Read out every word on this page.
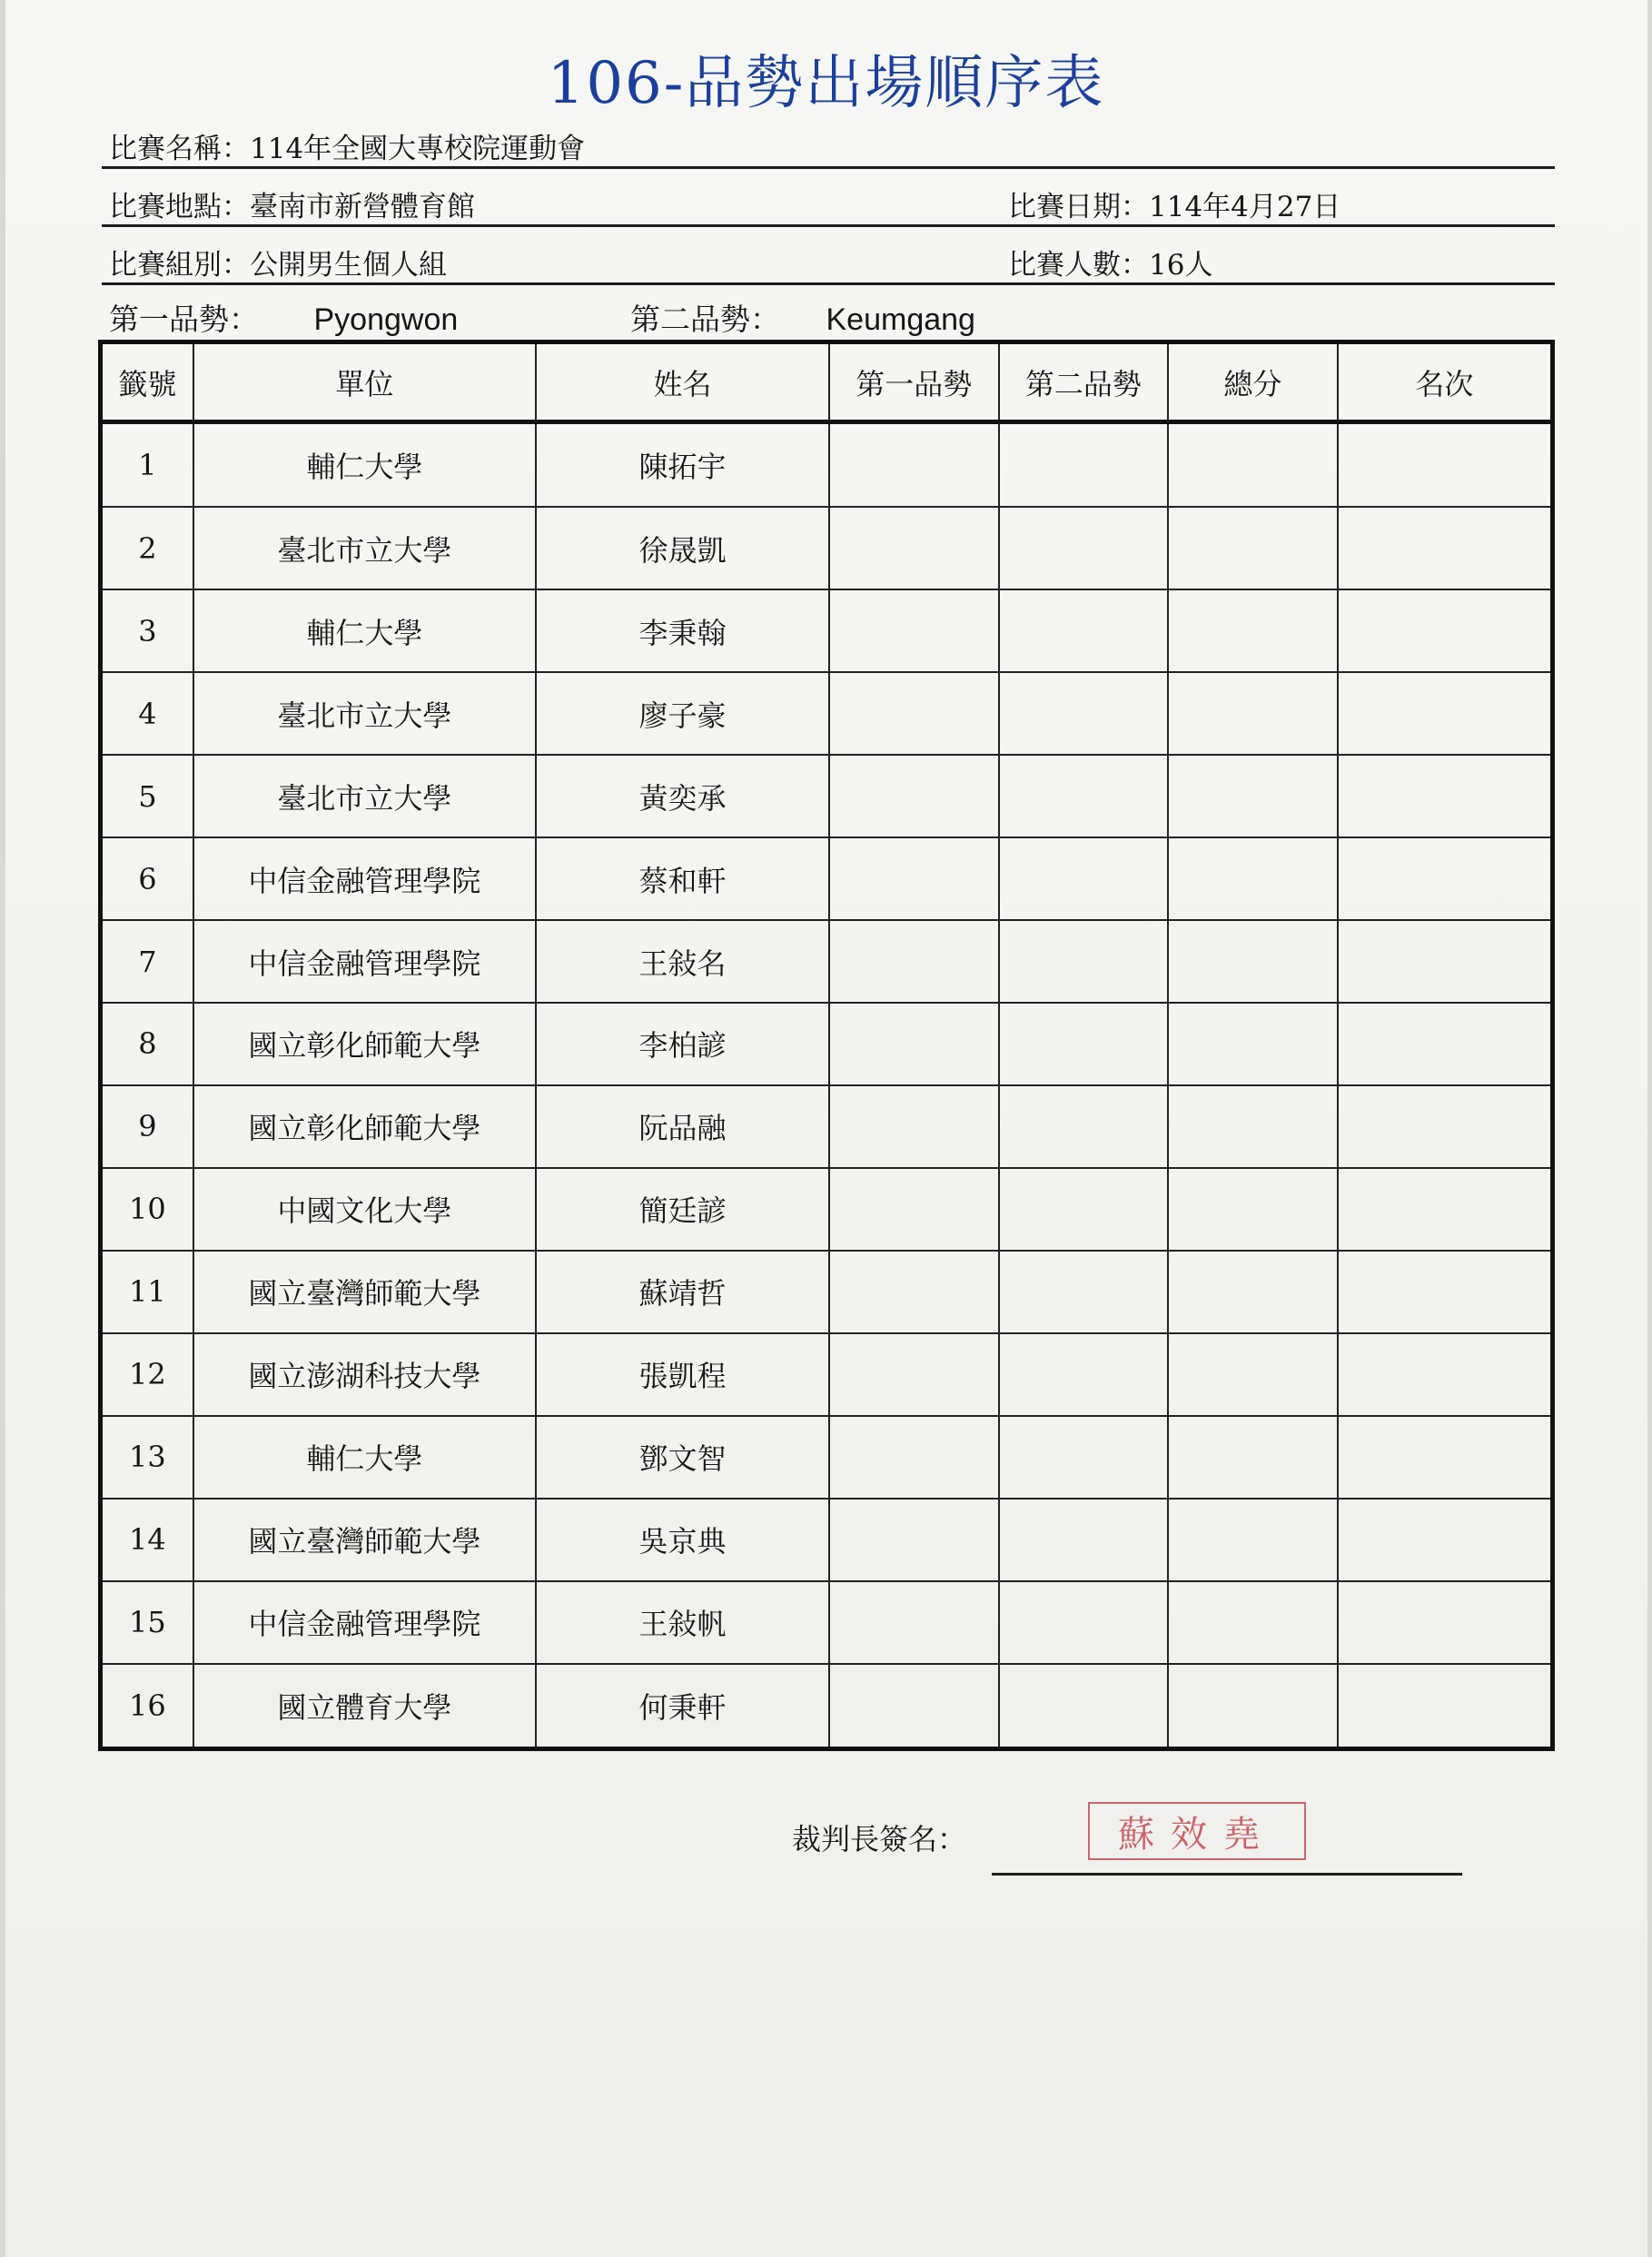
106-品勢出場順序表
比賽名稱：114年全國大專校院運動會
比賽地點：臺南市新營體育館	比賽日期：114年4月27日
比賽組別：公開男生個人組	比賽人數：16人
第一品勢： Pyongwon	第二品勢： Keumgang
籤號	單位	姓名	第一品勢	第二品勢	總分	名次
1	輔仁大學	陳拓宇				
2	臺北市立大學	徐晟凱				
3	輔仁大學	李秉翰				
4	臺北市立大學	廖子豪				
5	臺北市立大學	黃奕承				
6	中信金融管理學院	蔡和軒				
7	中信金融管理學院	王敍名				
8	國立彰化師範大學	李柏諺				
9	國立彰化師範大學	阮品融				
10	中國文化大學	簡廷諺				
11	國立臺灣師範大學	蘇靖哲				
12	國立澎湖科技大學	張凱程				
13	輔仁大學	鄧文智				
14	國立臺灣師範大學	吳京典				
15	中信金融管理學院	王敍帆				
16	國立體育大學	何秉軒				
裁判長簽名：	蘇效堯
